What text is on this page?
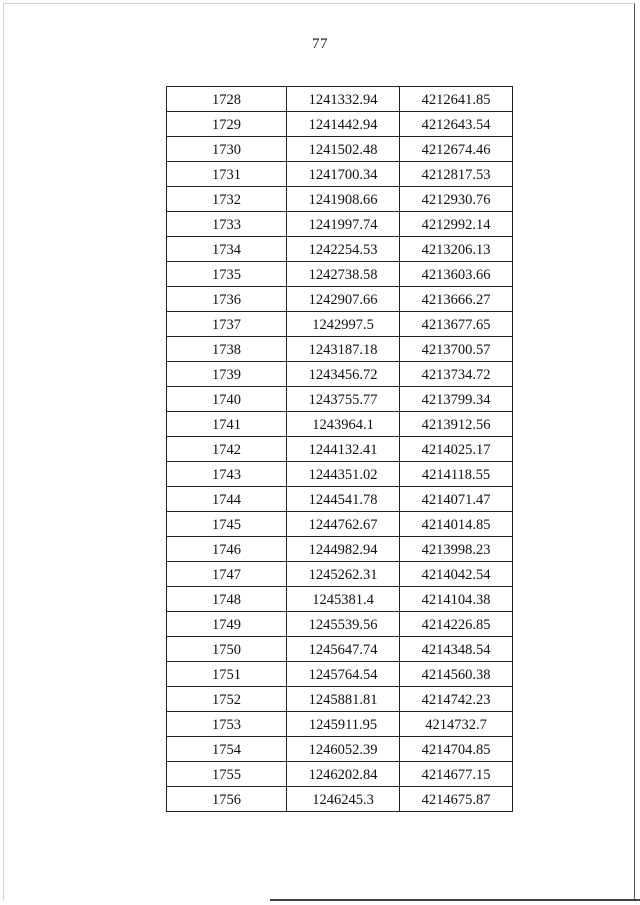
77
1728	1241332.94	4212641.85
1729	1241442.94	4212643.54
1730	1241502.48	4212674.46
1731	1241700.34	4212817.53
1732	1241908.66	4212930.76
1733	1241997.74	4212992.14
1734	1242254.53	4213206.13
1735	1242738.58	4213603.66
1736	1242907.66	4213666.27
1737	1242997.5	4213677.65
1738	1243187.18	4213700.57
1739	1243456.72	4213734.72
1740	1243755.77	4213799.34
1741	1243964.1	4213912.56
1742	1244132.41	4214025.17
1743	1244351.02	4214118.55
1744	1244541.78	4214071.47
1745	1244762.67	4214014.85
1746	1244982.94	4213998.23
1747	1245262.31	4214042.54
1748	1245381.4	4214104.38
1749	1245539.56	4214226.85
1750	1245647.74	4214348.54
1751	1245764.54	4214560.38
1752	1245881.81	4214742.23
1753	1245911.95	4214732.7
1754	1246052.39	4214704.85
1755	1246202.84	4214677.15
1756	1246245.3	4214675.87
